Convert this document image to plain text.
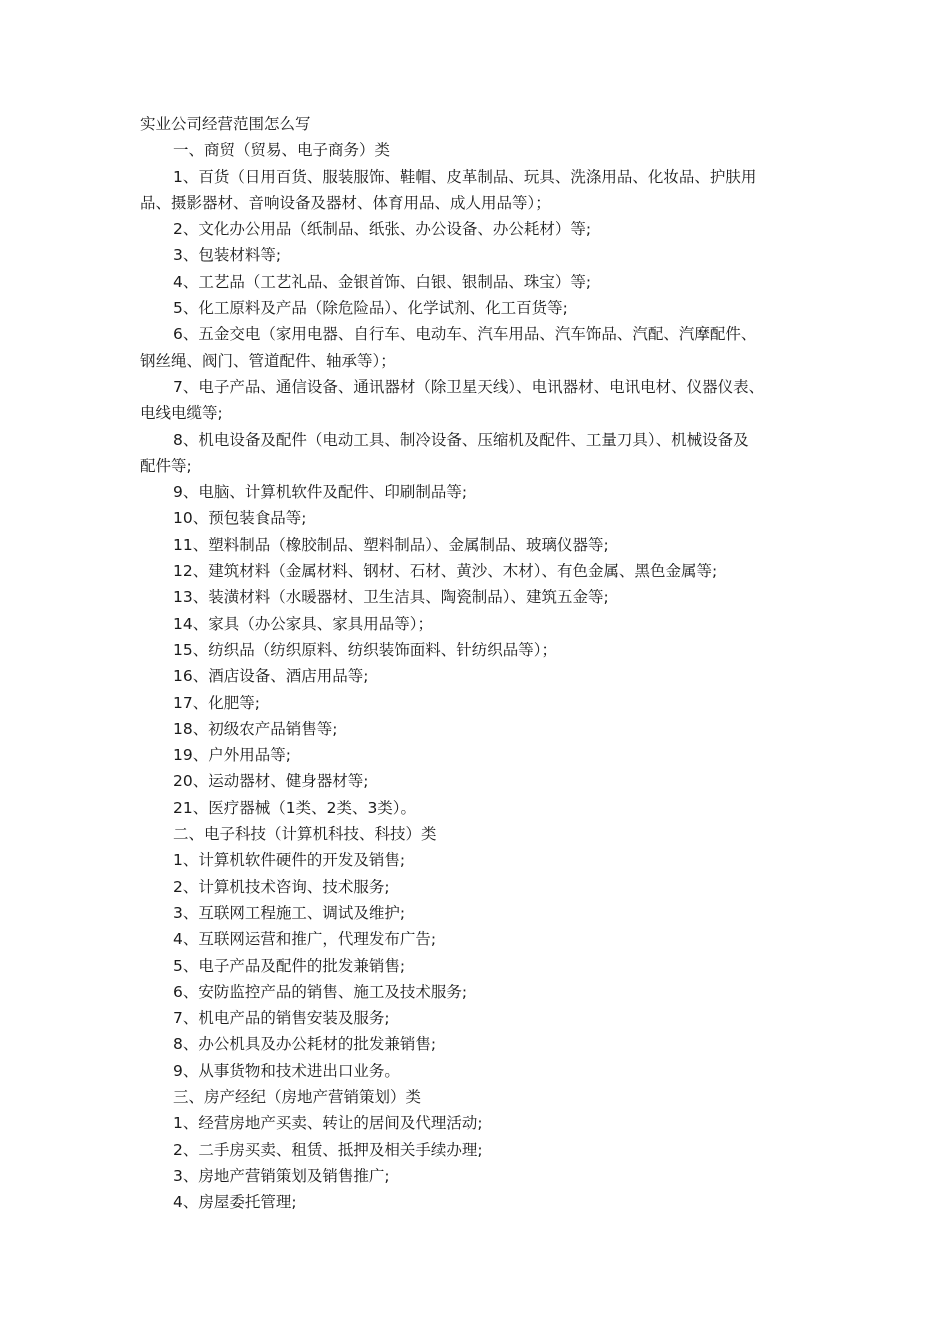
实业公司经营范围怎么写
一、商贸（贸易、电子商务）类
1、百货（日用百货、服装服饰、鞋帽、皮革制品、玩具、洗涤用品、化妆品、护肤用
品、摄影器材、音响设备及器材、体育用品、成人用品等）；
2、文化办公用品（纸制品、纸张、办公设备、办公耗材）等;
3、包装材料等;
4、工艺品（工艺礼品、金银首饰、白银、银制品、珠宝）等;
5、化工原料及产品（除危险品）、化学试剂、化工百货等;
6、五金交电（家用电器、自行车、电动车、汽车用品、汽车饰品、汽配、汽摩配件、
钢丝绳、阀门、管道配件、轴承等）；
7、电子产品、通信设备、通讯器材（除卫星天线）、电讯器材、电讯电材、仪器仪表、
电线电缆等;
8、机电设备及配件（电动工具、制冷设备、压缩机及配件、工量刀具）、机械设备及
配件等;
9、电脑、计算机软件及配件、印刷制品等;
10、预包装食品等;
11、塑料制品（橡胶制品、塑料制品）、金属制品、玻璃仪器等;
12、建筑材料（金属材料、钢材、石材、黄沙、木材）、有色金属、黑色金属等;
13、装潢材料（水暖器材、卫生洁具、陶瓷制品）、建筑五金等;
14、家具（办公家具、家具用品等）；
15、纺织品（纺织原料、纺织装饰面料、针纺织品等）；
16、酒店设备、酒店用品等;
17、化肥等;
18、初级农产品销售等;
19、户外用品等;
20、运动器材、健身器材等;
21、医疗器械（1类、2类、3类）。
二、电子科技（计算机科技、科技）类
1、计算机软件硬件的开发及销售;
2、计算机技术咨询、技术服务;
3、互联网工程施工、调试及维护;
4、互联网运营和推广，代理发布广告;
5、电子产品及配件的批发兼销售;
6、安防监控产品的销售、施工及技术服务;
7、机电产品的销售安装及服务;
8、办公机具及办公耗材的批发兼销售;
9、从事货物和技术进出口业务。
三、房产经纪（房地产营销策划）类
1、经营房地产买卖、转让的居间及代理活动;
2、二手房买卖、租赁、抵押及相关手续办理;
3、房地产营销策划及销售推广;
4、房屋委托管理;
